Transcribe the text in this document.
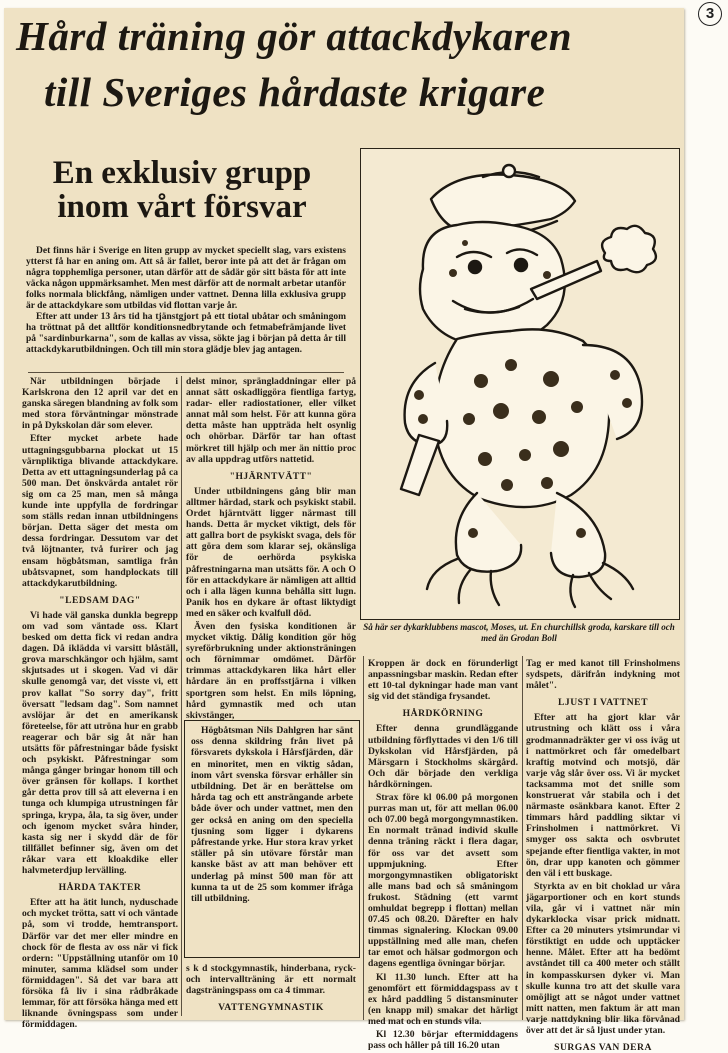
Hård träning gör attackdykaren
till Sveriges hårdaste krigare
En exklusiv grupp
inom vårt försvar

Det finns här i Sverige en liten grupp av mycket speciellt slag, vars existens ytterst få har en aning om. Att så är fallet, beror inte på att det är frågan om några topphemliga personer, utan därför att de sådär gör sitt bästa för att inte väcka någon uppmärksamhet. Men mest därför att de normalt arbetar utanför folks normala blickfång, nämligen under vattnet. Denna lilla exklusiva grupp är de attackdykare som utbildas vid flottan varje år.

Efter att under 13 års tid ha tjänstgjort på ett tiotal ubåtar och småningom ha tröttnat på det alltför konditionsnedbrytande och fetmabefrämjande livet på "sardinburkarna", som de kallas av vissa, sökte jag i början på detta år till attackdykarutbildningen. Och till min stora glädje blev jag antagen.

När utbildningen började i Karlskrona den 12 april var det en ganska säregen blandning av folk som med stora förväntningar mönstrade in på Dykskolan där som elever.

Efter mycket arbete hade uttagningsgubbarna plockat ut 15 värnpliktiga blivande attackdykare. Detta av ett uttagningsunderlag på ca 500 man. Det önskvärda antalet rör sig om ca 25 man, men så många kunde inte uppfylla de fordringar som ställs redan innan utbildningens början. Detta säger det mesta om dessa fordringar. Dessutom var det två löjtnanter, två furirer och jag ensam högbåtsman, samtliga från ubåtsvapnet, som handplockats till attackdykarutbildning.

"LEDSAM DAG"

Vi hade väl ganska dunkla begrepp om vad som väntade oss. Klart besked om detta fick vi redan andra dagen. Då iklädda vi varsitt blåställ, grova marschkängor och hjälm, samt skjutsades ut i skogen. Vad vi där skulle genomgå var, det visste vi, ett prov kallat "So sorry day", fritt översatt "ledsam dag". Som namnet avslöjar är det en amerikansk företeelse, för att utröna hur en grabb reagerar och bär sig åt när han utsätts för påfrestningar både fysiskt och psykiskt. Påfrestningar som många gånger bringar honom till och över gränsen för kollaps. I korthet går detta prov till så att eleverna i en tunga och klumpiga utrustningen får springa, krypa, åla, ta sig över, under och igenom mycket svåra hinder, kasta sig ner i skydd där de för tillfället befinner sig, även om det råkar vara ett kloakdike eller halvmeterdjup lervälling.

HÅRDA TAKTER

Efter att ha ätit lunch, nyduschade och mycket trötta, satt vi och väntade på, som vi trodde, hemtransport. Därför var det mer eller mindre en chock för de flesta av oss när vi fick ordern: "Uppställning utanför om 10 minuter, samma klädsel som under förmiddagen". Så det var bara att försöka få liv i sina rådbråkade lemmar, för att försöka hänga med ett liknande övningspass som under förmiddagen.

delst minor, sprängladdningar eller på annat sätt oskadliggöra fientliga fartyg, radar- eller radiostationer, eller vilket annat mål som helst. För att kunna göra detta måste han uppträda helt osynlig och ohörbar. Därför tar han oftast mörkret till hjälp och mer än nittio proc av alla uppdrag utförs nattetid.

"HJÄRNTVÄTT"

Under utbildningens gång blir man alltmer härdad, stark och psykiskt stabil. Ordet hjärntvätt ligger närmast till hands. Detta är mycket viktigt, dels för att gallra bort de psykiskt svaga, dels för att göra dem som klarar sej, okänsliga för de oerhörda psykiska påfrestningarna man utsätts för. A och O för en attackdykare är nämligen att alltid och i alla lägen kunna behålla sitt lugn. Panik hos en dykare är oftast liktydigt med en säker och kvalfull död.

Även den fysiska konditionen är mycket viktig. Dålig kondition gör hög syreförbrukning under aktionsträningen och förnimmar omdömet. Därför trimmas attackdykaren lika hårt eller hårdare än en proffsstjärna i vilken sportgren som helst. En mils löpning, hård gymnastik med och utan skivstänger,

Högbåtsman Nils Dahlgren har sänt oss denna skildring från livet på försvarets dykskola i Hårsfjärden, där en minoritet, men en viktig sådan, inom vårt svenska försvar erhåller sin utbildning. Det är en berättelse om hårda tag och ett ansträngande arbete både över och under vattnet, men den ger också en aning om den speciella tjusning som ligger i dykarens påfrestande yrke. Hur stora krav yrket ställer på sin utövare förstår man kanske bäst av att man behöver ett underlag på minst 500 man för att kunna ta ut de 25 som kommer ifråga till utbildning.

s k d stockgymnastik, hinderbana, ryck- och intervallträning är ett normalt dagsträningspass om ca 4 timmar.

VATTENGYMNASTIK
Så här ser dykarklubbens mascot, Moses, ut. En churchillsk groda, karskare till och med än Grodan Boll

Kroppen är dock en förunderligt anpassningsbar maskin. Redan efter ett 10-tal dykningar hade man vant sig vid det ständiga frysandet.

HÅRDKÖRNING

Efter denna grundläggande utbildning förflyttades vi den 1/6 till Dykskolan vid Hårsfjärden, på Märsgarn i Stockholms skärgård. Och där började den verkliga hårdkörningen.

Strax före kl 06.00 på morgonen purras man ut, för att mellan 06.00 och 07.00 begå morgongymnastiken. En normalt tränad individ skulle denna träning räckt i flera dagar, för oss var det avsett som uppmjukning. Efter morgongymnastiken obligatoriskt alle mans bad och så småningom frukost. Städning (ett varmt omhuldat begrepp i flottan) mellan 07.45 och 08.20. Därefter en halv timmas signalering. Klockan 09.00 uppställning med alle man, chefen tar emot och hälsar godmorgon och dagens egentliga övningar börjar.

Kl 11.30 lunch. Efter att ha genomfört ett förmiddagspass av t ex hård paddling 5 distansminuter (en knapp mil) smakar det härligt med mat och en stunds vila.

Kl 12.30 börjar eftermiddagens pass och håller på till 16.20 utan

Tag er med kanot till Frinsholmens sydspets, därifrån indykning mot målet".

LJUST I VATTNET

Efter att ha gjort klar vår utrustning och klätt oss i våra grodmannadräkter ger vi oss iväg ut i nattmörkret och får omedelbart kraftig motvind och motsjö, där varje våg slår över oss. Vi är mycket tacksamma mot det snille som konstruerat vår stabila och i det närmaste osänkbara kanot. Efter 2 timmars hård paddling siktar vi Frinsholmen i nattmörkret. Vi smyger oss sakta och osvbrutet spejande efter fientliga vakter, in mot ön, drar upp kanoten och gömmer den väl i ett buskage.

Styrkta av en bit choklad ur våra jägarportioner och en kort stunds vila, går vi i vattnet när min dykarklocka visar prick midnatt. Efter ca 20 minuters ytsimrundar vi förstiktigt en udde och upptäcker henne. Målet. Efter att ha bedömt avståndet till ca 400 meter och ställt in kompasskursen dyker vi. Man skulle kunna tro att det skulle vara omöjligt att se något under vattnet mitt natten, men faktum är att man varje nattdykning blir lika förvånad över att det är så ljust under ytan.

SURGAS VAN DERA
3
